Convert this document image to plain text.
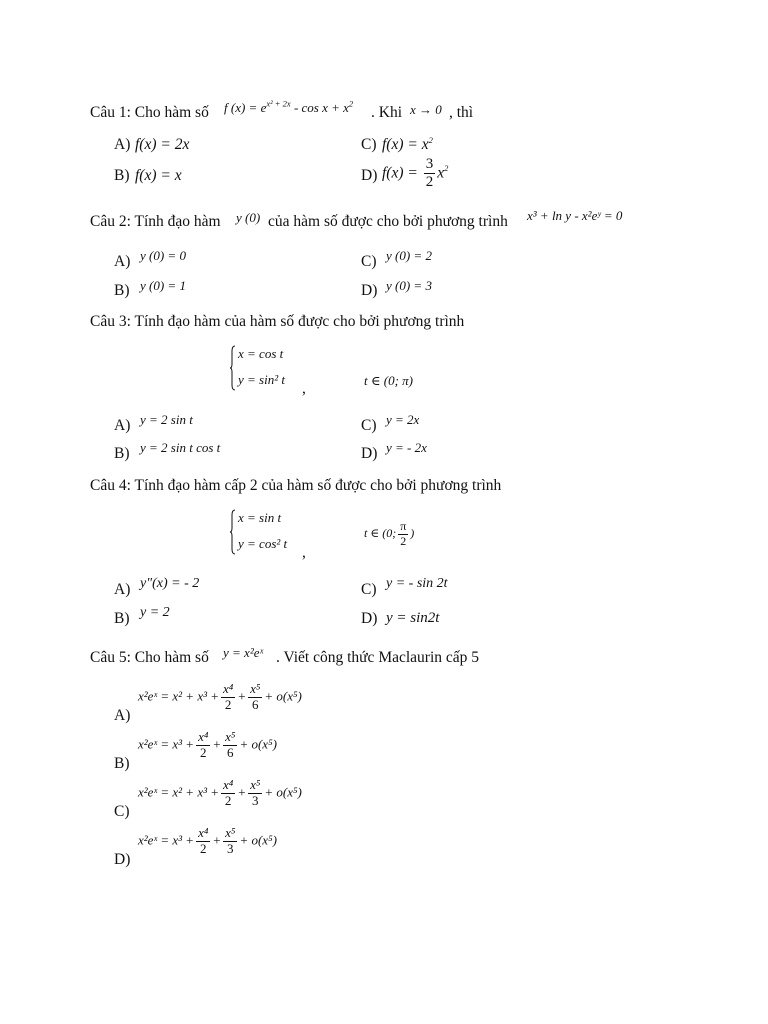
Câu 1: Cho hàm số f $(x) = e^{x^2 + 2x} - \cos x + x^2$
. Khi x → 0 , thì
A) f(x) = 2x
B) f(x) = x
C) $f(x) = x^2$
D) $f(x) = \frac{3}{2} x^2$
Câu 2: Tính đạo hàm y (0) của hàm số được cho bởi phương trình x³ + ln y - x²eʸ = 0
A) y (0) = 0
B) y (0) = 1
C) y (0) = 2
D) y (0) = 3
Câu 3: Tính đạo hàm của hàm số được cho bởi phương trình
x = cos t
y = sin² t
,	t ∈ (0; π)
A) y = 2 sin t
B) y = 2 sin t cos t
C) y = 2x
D) y = - 2x
Câu 4: Tính đạo hàm cấp 2 của hàm số được cho bởi phương trình
x = sin t
y = cos² t
,
t ∈ (0; $\frac{\pi}{2}$ )
A) y"(x) = - 2
B) y = 2
C) y = - sin 2t
D) y = sin2t
Câu 5: Cho hàm số y = x²eˣ . Viết công thức Maclaurin cấp 5
A)
x²eˣ = $x^2 + x^3 + \frac{\text{x⁴}}{2} + \frac{\text{x⁵}}{6} + o(x^5)$
B)
x²eˣ = $x^3 + \frac{\text{x⁴}}{2} + \frac{\text{x⁵}}{6} + o(x^5)$
C)
x²eˣ = $x^2 + x^3 + \frac{\text{x⁴}}{2} + \frac{\text{x⁵}}{3} + o(x^5)$
D)
x²eˣ = $x^3 + \frac{\text{x⁴}}{2} + \frac{\text{x⁵}}{3} + o(x^5)$
